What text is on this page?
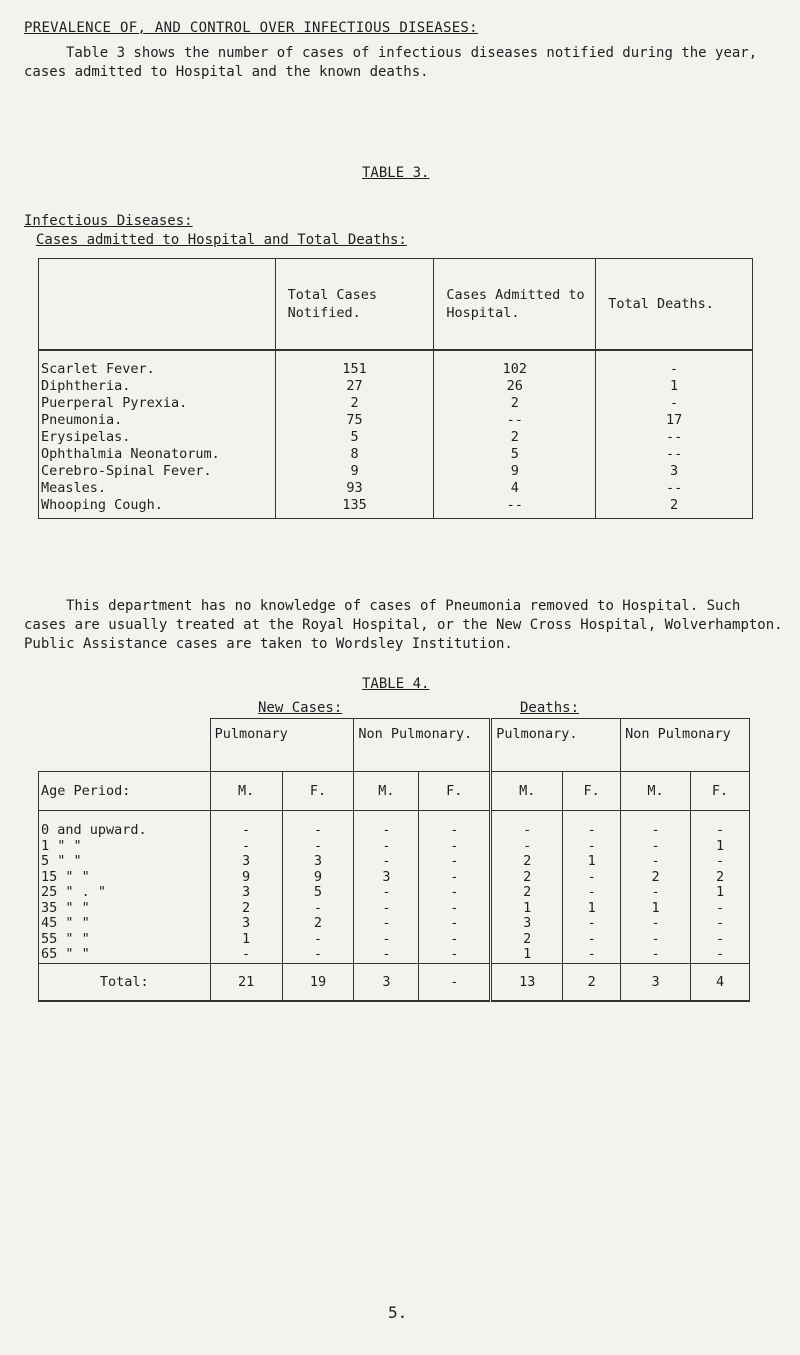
PREVALENCE OF, AND CONTROL OVER INFECTIOUS DISEASES:

Table 3 shows the number of cases of infectious diseases notified during the year, cases admitted to Hospital and the known deaths.

TABLE 3.
Infectious Diseases:
Cases admitted to Hospital and Total Deaths:
	Total Cases Notified.	Cases Admitted to Hospital.	Total Deaths.
Scarlet Fever.	151	102	-
Diphtheria.	27	26	1
Puerperal Pyrexia.	2	2	-
Pneumonia.	75	--	17
Erysipelas.	5	2	--
Ophthalmia Neonatorum.	8	5	--
Cerebro-Spinal Fever.	9	9	3
Measles.	93	4	--
Whooping Cough.	135	--	2

This department has no knowledge of cases of Pneumonia removed to Hospital. Such cases are usually treated at the Royal Hospital, or the New Cross Hospital, Wolverhampton. Public Assistance cases are taken to Wordsley Institution.

TABLE 4.
New Cases:	Deaths:
	Pulmonary		Non Pulmonary.		Pulmonary.		Non Pulmonary	
Age Period:	M.	F.	M.	F.	M.	F.	M.	F.
0 and upward.	-	-	-	-	-	-	-	-
1 " "	-	-	-	-	-	-	-	1
5 " "	3	3	-	-	2	1	-	-
15 " "	9	9	3	-	2	-	2	2
25 " . "	3	5	-	-	2	-	-	1
35 " "	2	-	-	-	1	1	1	-
45 " "	3	2	-	-	3	-	-	-
55 " "	1	-	-	-	2	-	-	-
65 " "	-	-	-	-	1	-	-	-
Total:	21	19	3	-	13	2	3	4
5.
